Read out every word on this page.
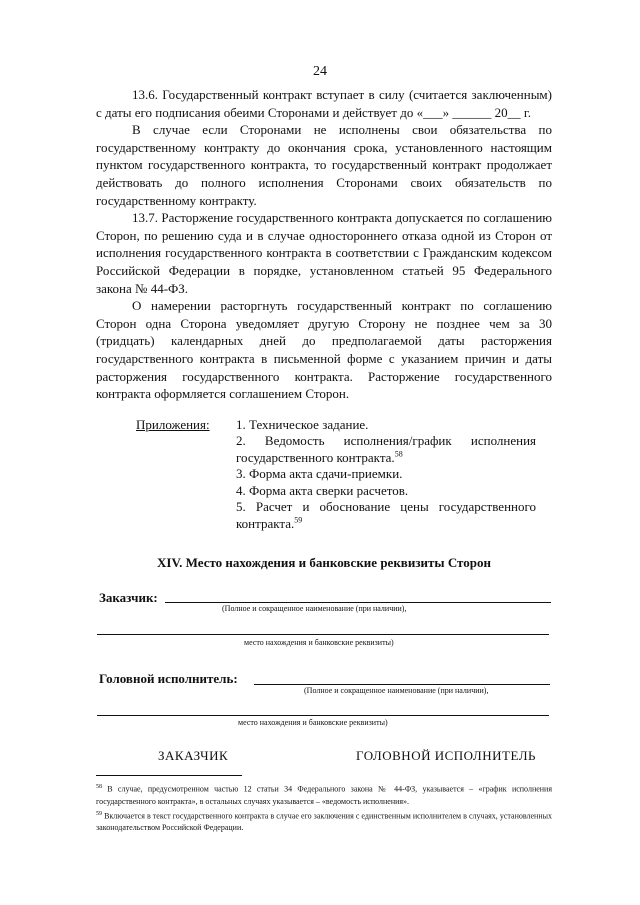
24

13.6. Государственный контракт вступает в силу (считается заключенным) с даты его подписания обеими Сторонами и действует до «___» ______ 20__ г.

В случае если Сторонами не исполнены свои обязательства по государственному контракту до окончания срока, установленного настоящим пунктом государственного контракта, то государственный контракт продолжает действовать до полного исполнения Сторонами своих обязательств по государственному контракту.

13.7. Расторжение государственного контракта допускается по соглашению Сторон, по решению суда и в случае одностороннего отказа одной из Сторон от исполнения государственного контракта в соответствии с Гражданским кодексом Российской Федерации в порядке, установленном статьей 95 Федерального закона № 44-ФЗ.

О намерении расторгнуть государственный контракт по соглашению Сторон одна Сторона уведомляет другую Сторону не позднее чем за 30 (тридцать) календарных дней до предполагаемой даты расторжения государственного контракта в письменной форме с указанием причин и даты расторжения государственного контракта. Расторжение государственного контракта оформляется соглашением Сторон.

Приложения: 1. Техническое задание.
2. Ведомость исполнения/график исполнения государственного контракта.$^{58}$
3. Форма акта сдачи-приемки.
4. Форма акта сверки расчетов.
5. Расчет и обоснование цены государственного контракта.$^{59}$
XIV. Место нахождения и банковские реквизиты Сторон
Заказчик:
(Полное и сокращенное наименование (при наличии),
место нахождения и банковские реквизиты)
Головной исполнитель:
(Полное и сокращенное наименование (при наличии),
место нахождения и банковские реквизиты)
ЗАКАЗЧИК	ГОЛОВНОЙ ИСПОЛНИТЕЛЬ

$^{58}$ В случае, предусмотренном частью 12 статьи 34 Федерального закона № 44-ФЗ, указывается – «график исполнения государственного контракта», в остальных случаях указывается – «ведомость исполнения».

$^{59}$ Включается в текст государственного контракта в случае его заключения с единственным исполнителем в случаях, установленных законодательством Российской Федерации.
